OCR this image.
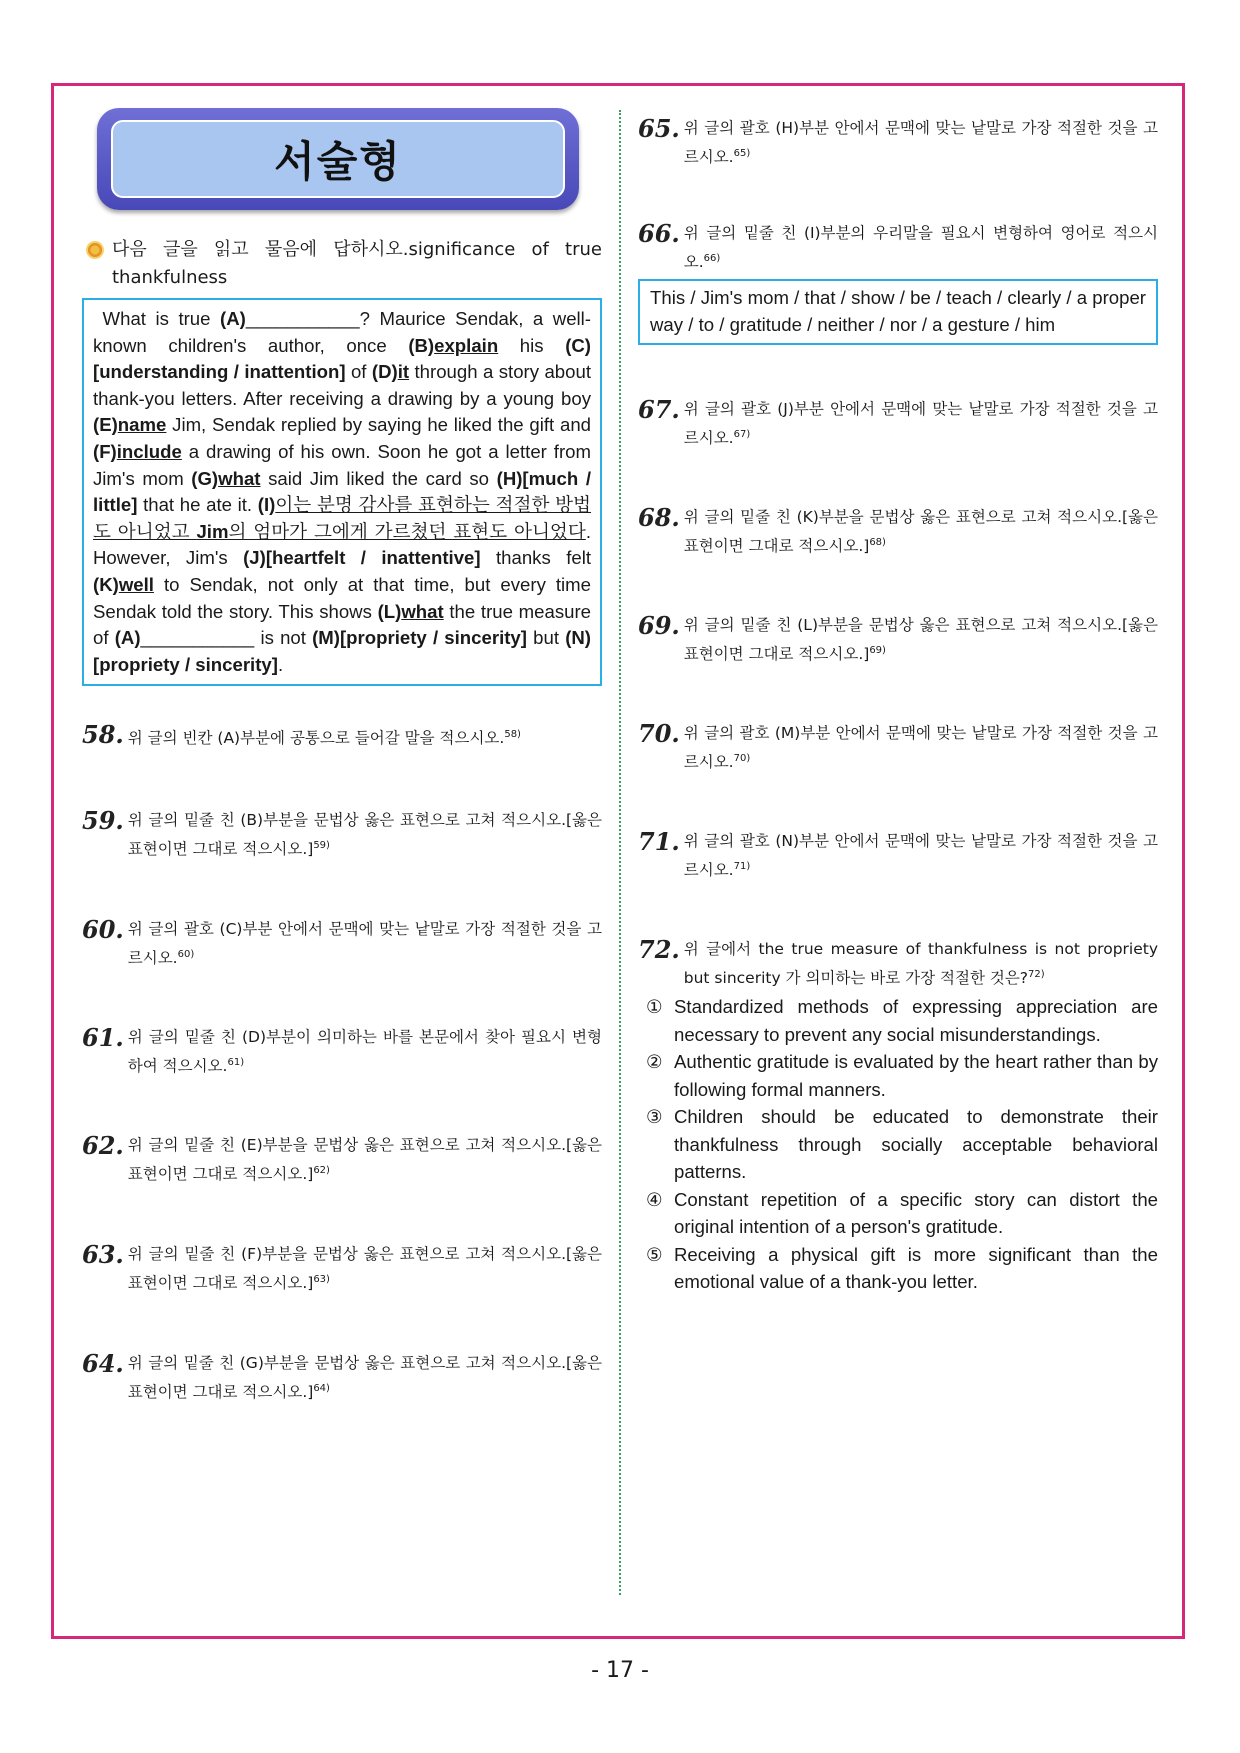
서술형
다음 글을 읽고 물음에 답하시오.significance of true thankfulness
What is true (A)___________? Maurice Sendak, a well-known children's author, once (B)explain his (C)[understanding / inattention] of (D)it through a story about thank-you letters. After receiving a drawing by a young boy (E)name Jim, Sendak replied by saying he liked the gift and (F)include a drawing of his own. Soon he got a letter from Jim's mom (G)what said Jim liked the card so (H)[much / little] that he ate it. (I)이는 분명 감사를 표현하는 적절한 방법도 아니었고 Jim의 엄마가 그에게 가르쳤던 표현도 아니었다. However, Jim's (J)[heartfelt / inattentive] thanks felt (K)well to Sendak, not only at that time, but every time Sendak told the story. This shows (L)what the true measure of (A)___________ is not (M)[propriety / sincerity] but (N)[propriety / sincerity].
58. 위 글의 빈칸 (A)부분에 공통으로 들어갈 말을 적으시오.$^{58)}$
59. 위 글의 밑줄 친 (B)부분을 문법상 옳은 표현으로 고쳐 적으시오.[옳은 표현이면 그대로 적으시오.]$^{59)}$
60. 위 글의 괄호 (C)부분 안에서 문맥에 맞는 낱말로 가장 적절한 것을 고르시오.$^{60)}$
61. 위 글의 밑줄 친 (D)부분이 의미하는 바를 본문에서 찾아 필요시 변형하여 적으시오.$^{61)}$
62. 위 글의 밑줄 친 (E)부분을 문법상 옳은 표현으로 고쳐 적으시오.[옳은 표현이면 그대로 적으시오.]$^{62)}$
63. 위 글의 밑줄 친 (F)부분을 문법상 옳은 표현으로 고쳐 적으시오.[옳은 표현이면 그대로 적으시오.]$^{63)}$
64. 위 글의 밑줄 친 (G)부분을 문법상 옳은 표현으로 고쳐 적으시오.[옳은 표현이면 그대로 적으시오.]$^{64)}$
65. 위 글의 괄호 (H)부분 안에서 문맥에 맞는 낱말로 가장 적절한 것을 고르시오.$^{65)}$
66. 위 글의 밑줄 친 (I)부분의 우리말을 필요시 변형하여 영어로 적으시오.$^{66)}$
This / Jim's mom / that / show / be / teach / clearly / a proper way / to / gratitude / neither / nor / a gesture / him
67. 위 글의 괄호 (J)부분 안에서 문맥에 맞는 낱말로 가장 적절한 것을 고르시오.$^{67)}$
68. 위 글의 밑줄 친 (K)부분을 문법상 옳은 표현으로 고쳐 적으시오.[옳은 표현이면 그대로 적으시오.]$^{68)}$
69. 위 글의 밑줄 친 (L)부분을 문법상 옳은 표현으로 고쳐 적으시오.[옳은 표현이면 그대로 적으시오.]$^{69)}$
70. 위 글의 괄호 (M)부분 안에서 문맥에 맞는 낱말로 가장 적절한 것을 고르시오.$^{70)}$
71. 위 글의 괄호 (N)부분 안에서 문맥에 맞는 낱말로 가장 적절한 것을 고르시오.$^{71)}$
72. 위 글에서 the true measure of thankfulness is not propriety but sincerity 가 의미하는 바로 가장 적절한 것은?$^{72)}$
① Standardized methods of expressing appreciation are necessary to prevent any social misunderstandings.
② Authentic gratitude is evaluated by the heart rather than by following formal manners.
③ Children should be educated to demonstrate their thankfulness through socially acceptable behavioral patterns.
④ Constant repetition of a specific story can distort the original intention of a person's gratitude.
⑤ Receiving a physical gift is more significant than the emotional value of a thank-you letter.
- 17 -
